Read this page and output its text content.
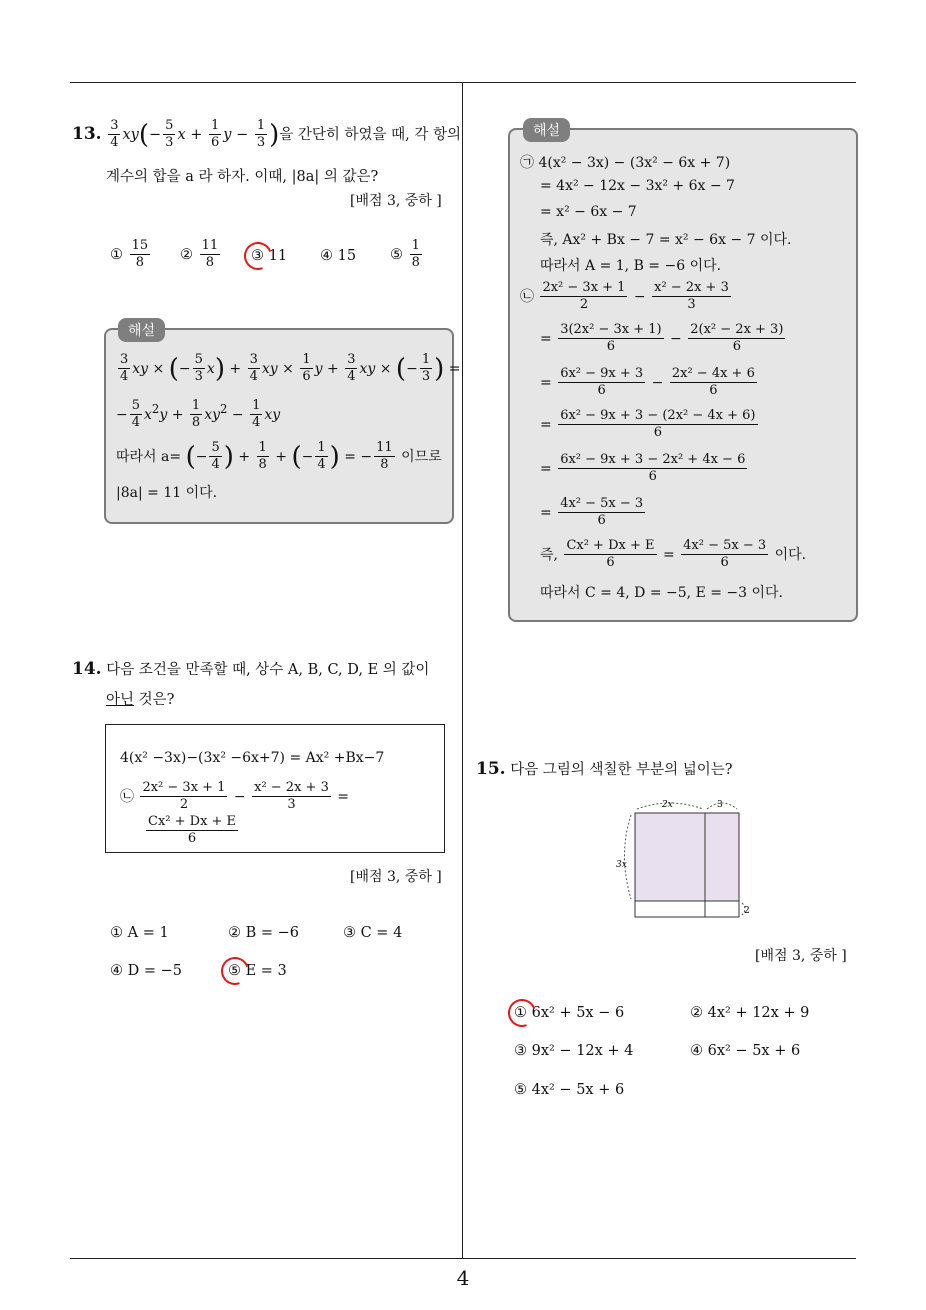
4
13. $\frac{3}{4} xy(- \frac{5}{3}$ $x + \frac{1}{6}$ $y - \frac{1}{3}$ )을 간단히 하였을 때, 각 항의
계수의 합을 a 라 하자. 이때, |8a| 의 값은?
[배점 3, 중하 ]
① $\frac{15}{8}$ ② $\frac{11}{8}$ ③ 11 ④ 15 ⑤ $\frac{1}{8}$
해설
$\frac{3}{4}$ xy × (− $\frac{5}{3} x) + \frac{3}{4}$ xy × $\frac{1}{6}$ $y + \frac{3}{4}$ xy × (− $\frac{1}{3}$ ) =
− $\frac{5}{4} x^2y + \frac{1}{8} xy^2 - \frac{1}{4}$ xy
따라서 a= (− $\frac{5}{4}$ ) + $\frac{1}{8}$ + (− $\frac{1}{4}$ ) = − $\frac{11}{8}$ 이므로
|8a| = 11 이다.
14. 다음 조건을 만족할 때, 상수 A, B, C, D, E 의 값이
아닌 것은?
4(x² −3x)−(3x² −6x+7) = Ax² +Bx−7
㉡ $\frac{\text{2x² − 3x + 1}}{2} - \frac{\text{x² − 2x + 3}}{3}$ =
$\frac{\text{Cx² + Dx + E}}{6}$
[배점 3, 중하 ]
① A = 1	② B = −6	③ C = 4
④ D = −5	⑤ E = 3
해설
㉠ 4(x² − 3x) − (3x² − 6x + 7)
= 4x² − 12x − 3x² + 6x − 7
= x² − 6x − 7
즉, Ax² + Bx − 7 = x² − 6x − 7 이다.
따라서 A = 1, B = −6 이다.
㉡ $\frac{\text{2x² − 3x + 1}}{2} - \frac{\text{x² − 2x + 3}}{3}$
= $\frac{\text{3(2x² − 3x + 1)}}{6} - \frac{\text{2(x² − 2x + 3)}}{6}$
= $\frac{\text{6x² − 9x + 3}}{6} - \frac{\text{2x² − 4x + 6}}{6}$
= $\frac{\text{6x² − 9x + 3 − (2x² − 4x + 6)}}{6}$
= $\frac{\text{6x² − 9x + 3 − 2x² + 4x − 6}}{6}$
= $\frac{\text{4x² − 5x − 3}}{6}$
즉, $\frac{\text{Cx² + Dx + E}}{6} = \frac{\text{4x² − 5x − 3}}{6}$ 이다.
따라서 C = 4, D = −5, E = −3 이다.
15. 다음 그림의 색칠한 부분의 넓이는?
2x	3
3x
2
[배점 3, 중하 ]
① 6x² + 5x − 6	② 4x² + 12x + 9
③ 9x² − 12x + 4	④ 6x² − 5x + 6
⑤ 4x² − 5x + 6
